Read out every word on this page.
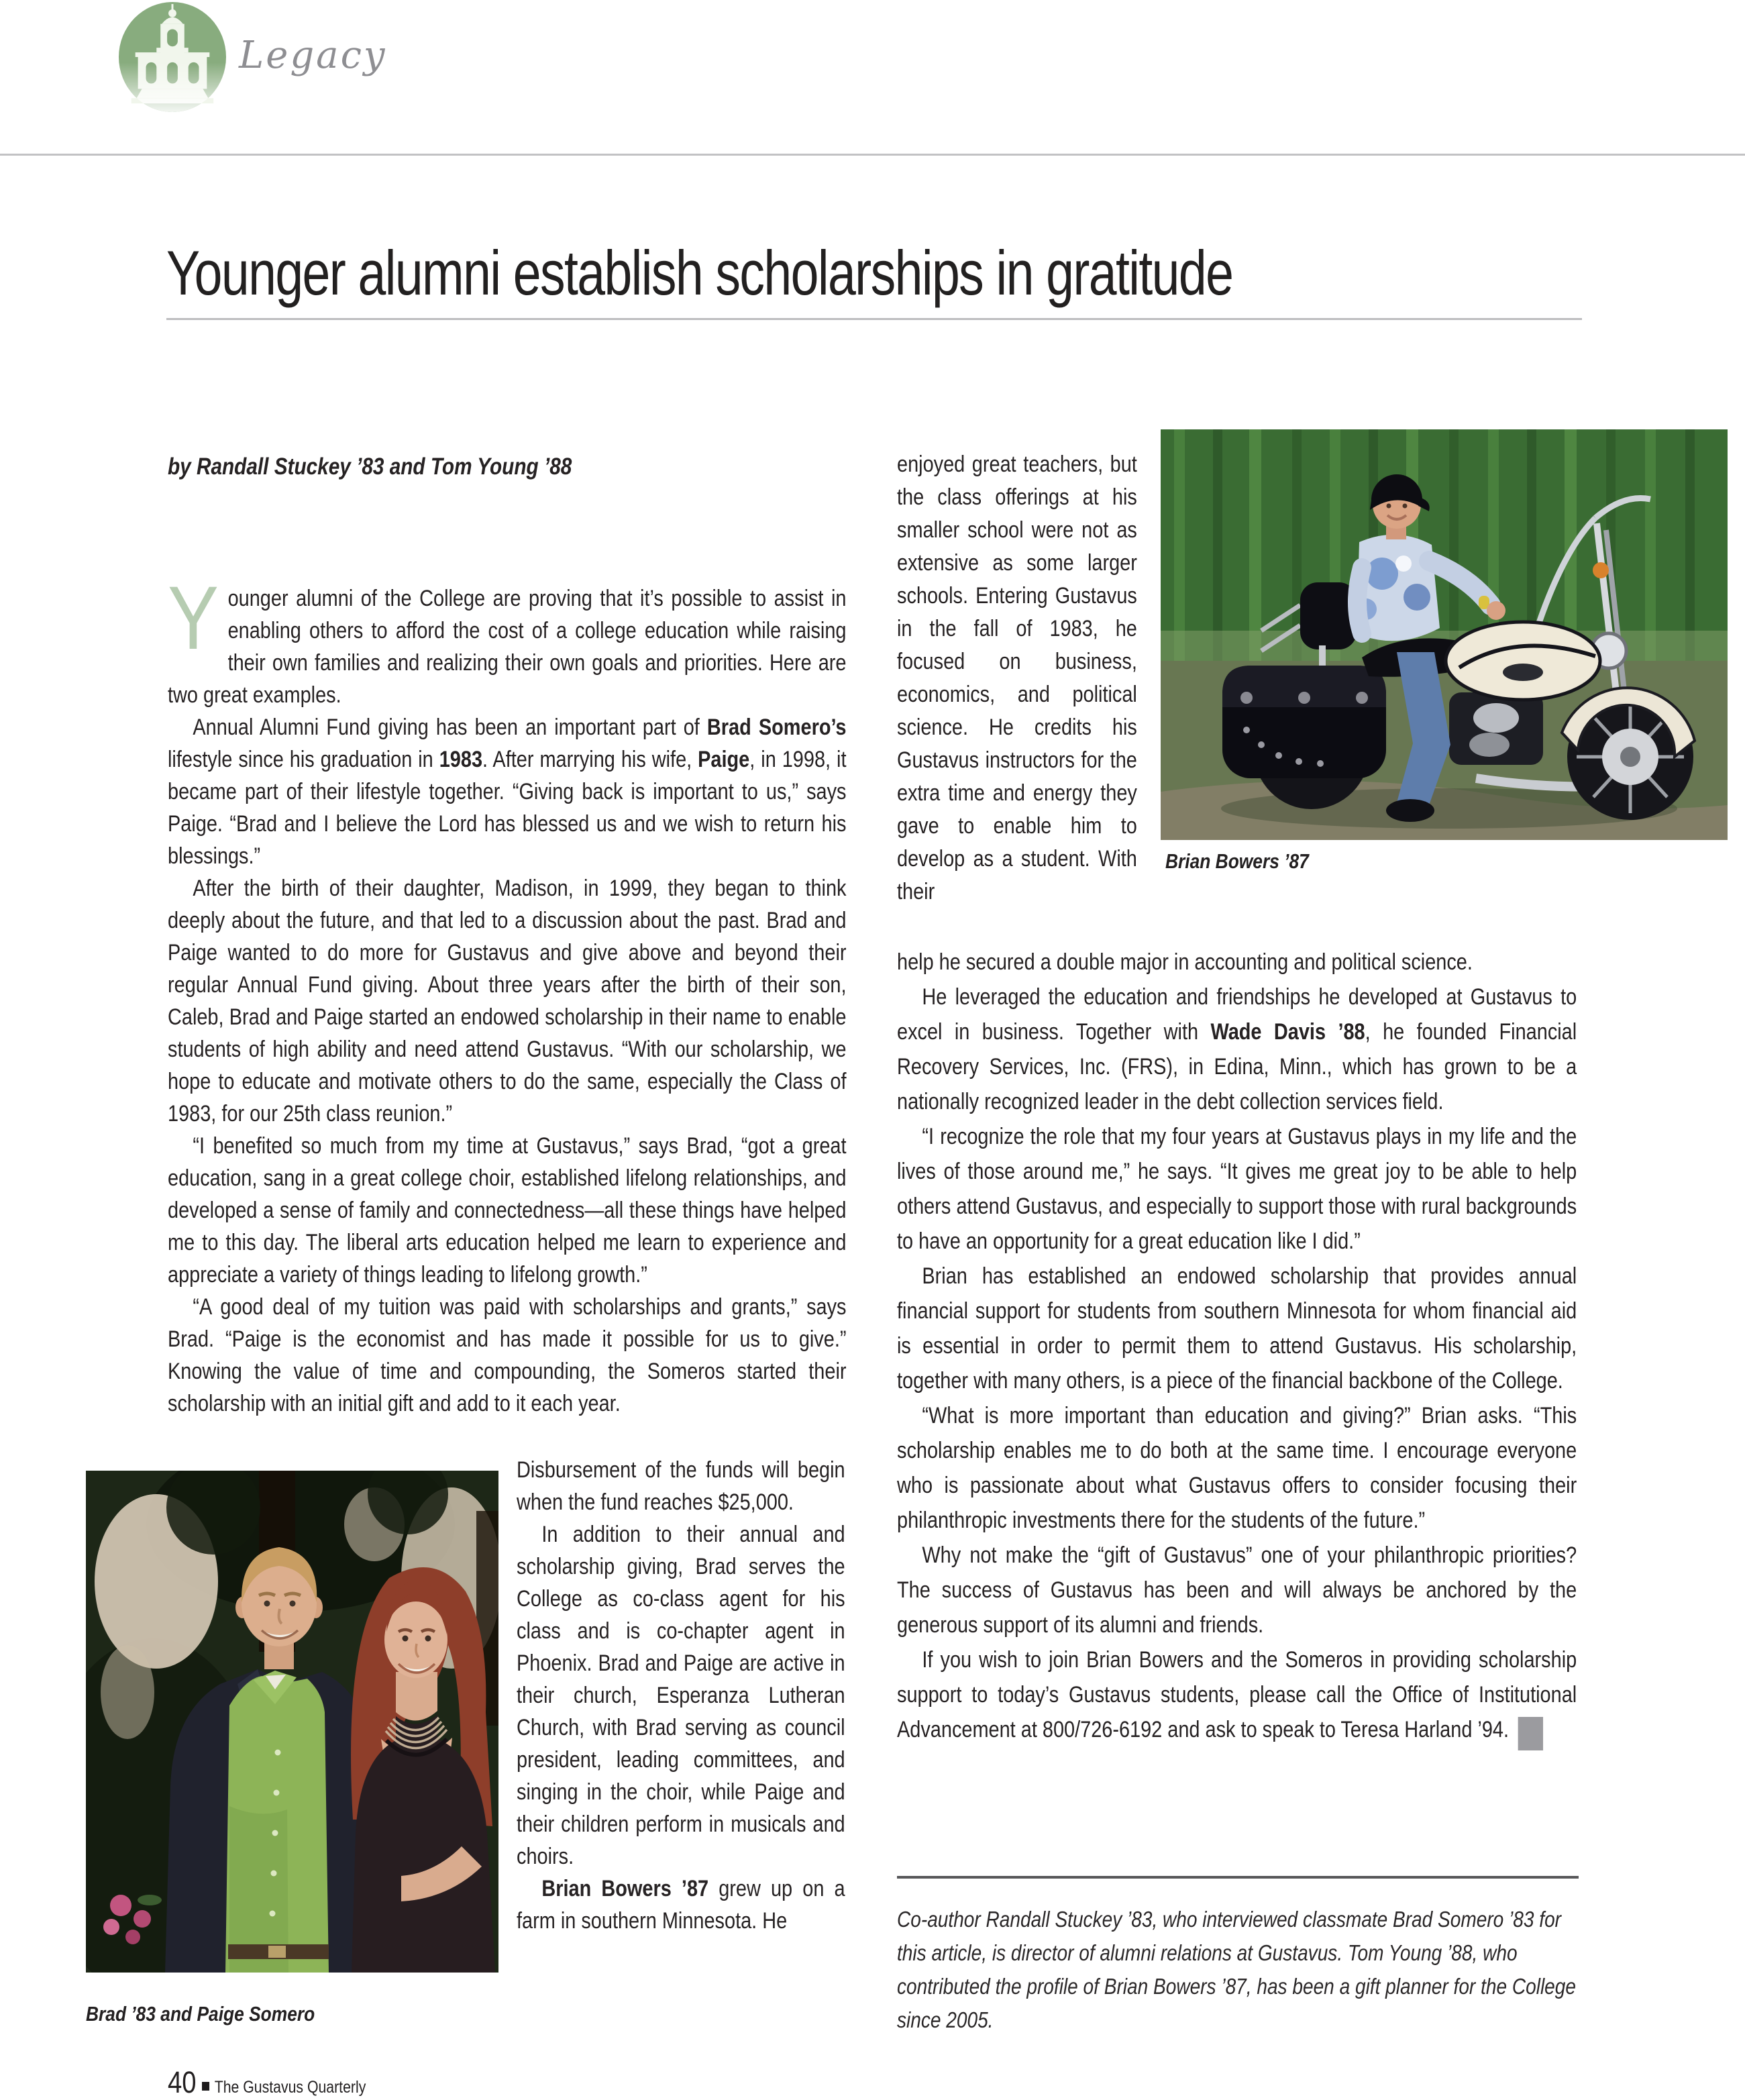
Legacy
Younger alumni establish scholarships in gratitude
by Randall Stuckey ’83 and Tom Young ’88

Younger alumni of the College are proving that it’s possible to assist in enabling others to afford the cost of a college education while raising their own families and realizing their own goals and priorities. Here are two great examples.

Annual Alumni Fund giving has been an important part of Brad Somero’s lifestyle since his graduation in 1983. After marrying his wife, Paige, in 1998, it became part of their lifestyle together. “Giving back is important to us,” says Paige. “Brad and I believe the Lord has blessed us and we wish to return his blessings.”

After the birth of their daughter, Madison, in 1999, they began to think deeply about the future, and that led to a discussion about the past. Brad and Paige wanted to do more for Gustavus and give above and beyond their regular Annual Fund giving. About three years after the birth of their son, Caleb, Brad and Paige started an endowed scholarship in their name to enable students of high ability and need attend Gustavus. “With our scholarship, we hope to educate and motivate others to do the same, especially the Class of 1983, for our 25th class reunion.”

“I benefited so much from my time at Gustavus,” says Brad, “got a great education, sang in a great college choir, established lifelong relationships, and developed a sense of family and connectedness—all these things have helped me to this day. The liberal arts education helped me learn to experience and appreciate a variety of things leading to lifelong growth.”

“A good deal of my tuition was paid with scholarships and grants,” says Brad. “Paige is the economist and has made it possible for us to give.” Knowing the value of time and compounding, the Someros started their scholarship with an initial gift and add to it each year.

Brad ’83 and Paige Somero

Disbursement of the funds will begin when the fund reaches $25,000.

In addition to their annual and scholarship giving, Brad serves the College as co-class agent for his class and is co-chapter agent in Phoenix. Brad and Paige are active in their church, Esperanza Lutheran Church, with Brad serving as council president, leading committees, and singing in the choir, while Paige and their children perform in musicals and choirs.

Brian Bowers ’87 grew up on a farm in southern Minnesota. He

Brian Bowers ’87

enjoyed great teachers, but the class offerings at his smaller school were not as extensive as some larger schools. Entering Gustavus in the fall of 1983, he focused on business, economics, and political science. He credits his Gustavus instructors for the extra time and energy they gave to enable him to develop as a student. With their

help he secured a double major in accounting and political science.

He leveraged the education and friendships he developed at Gustavus to excel in business. Together with Wade Davis ’88, he founded Financial Recovery Services, Inc. (FRS), in Edina, Minn., which has grown to be a nationally recognized leader in the debt collection services field.

“I recognize the role that my four years at Gustavus plays in my life and the lives of those around me,” he says. “It gives me great joy to be able to help others attend Gustavus, and especially to support those with rural backgrounds to have an opportunity for a great education like I did.”

Brian has established an endowed scholarship that provides annual financial support for students from southern Minnesota for whom financial aid is essential in order to permit them to attend Gustavus. His scholarship, together with many others, is a piece of the financial backbone of the College.

“What is more important than education and giving?” Brian asks. “This scholarship enables me to do both at the same time. I encourage everyone who is passionate about what Gustavus offers to consider focusing their philanthropic investments there for the students of the future.”

Why not make the “gift of Gustavus” one of your philanthropic priorities? The success of Gustavus has been and will always be anchored by the generous support of its alumni and friends.

If you wish to join Brian Bowers and the Someros in providing scholarship support to today’s Gustavus students, please call the Office of Institutional Advancement at 800/726-6192 and ask to speak to Teresa Harland ’94. G

Co-author Randall Stuckey ’83, who interviewed classmate Brad Somero ’83 for this article, is director of alumni relations at Gustavus. Tom Young ’88, who contributed the profile of Brian Bowers ’87, has been a gift planner for the College since 2005.
40 The Gustavus Quarterly
